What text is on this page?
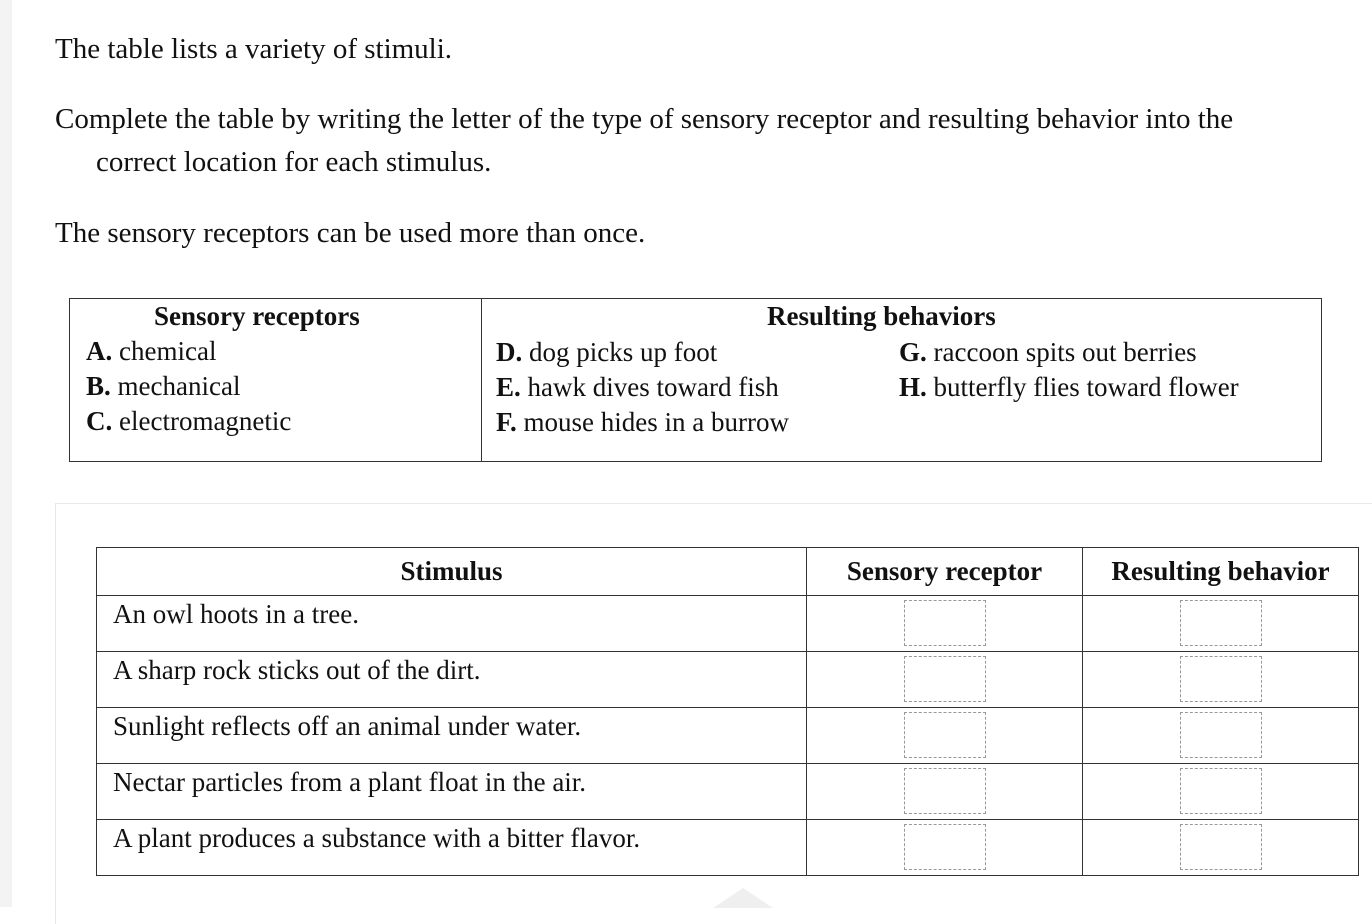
The table lists a variety of stimuli.

Complete the table by writing the letter of the type of sensory receptor and resulting behavior into the
correct location for each stimulus.

The sensory receptors can be used more than once.

Sensory receptors	Resulting behaviors
A. chemical
B. mechanical
C. electromagnetic
D. dog picks up foot
E. hawk dives toward fish
F. mouse hides in a burrow
G. raccoon spits out berries
H. butterfly flies toward flower
Stimulus	Sensory receptor	Resulting behavior
An owl hoots in a tree.	

A sharp rock sticks out of the dirt.	

Sunlight reflects off an animal under water.	

Nectar particles from a plant float in the air.	

A plant produces a substance with a bitter flavor.	
